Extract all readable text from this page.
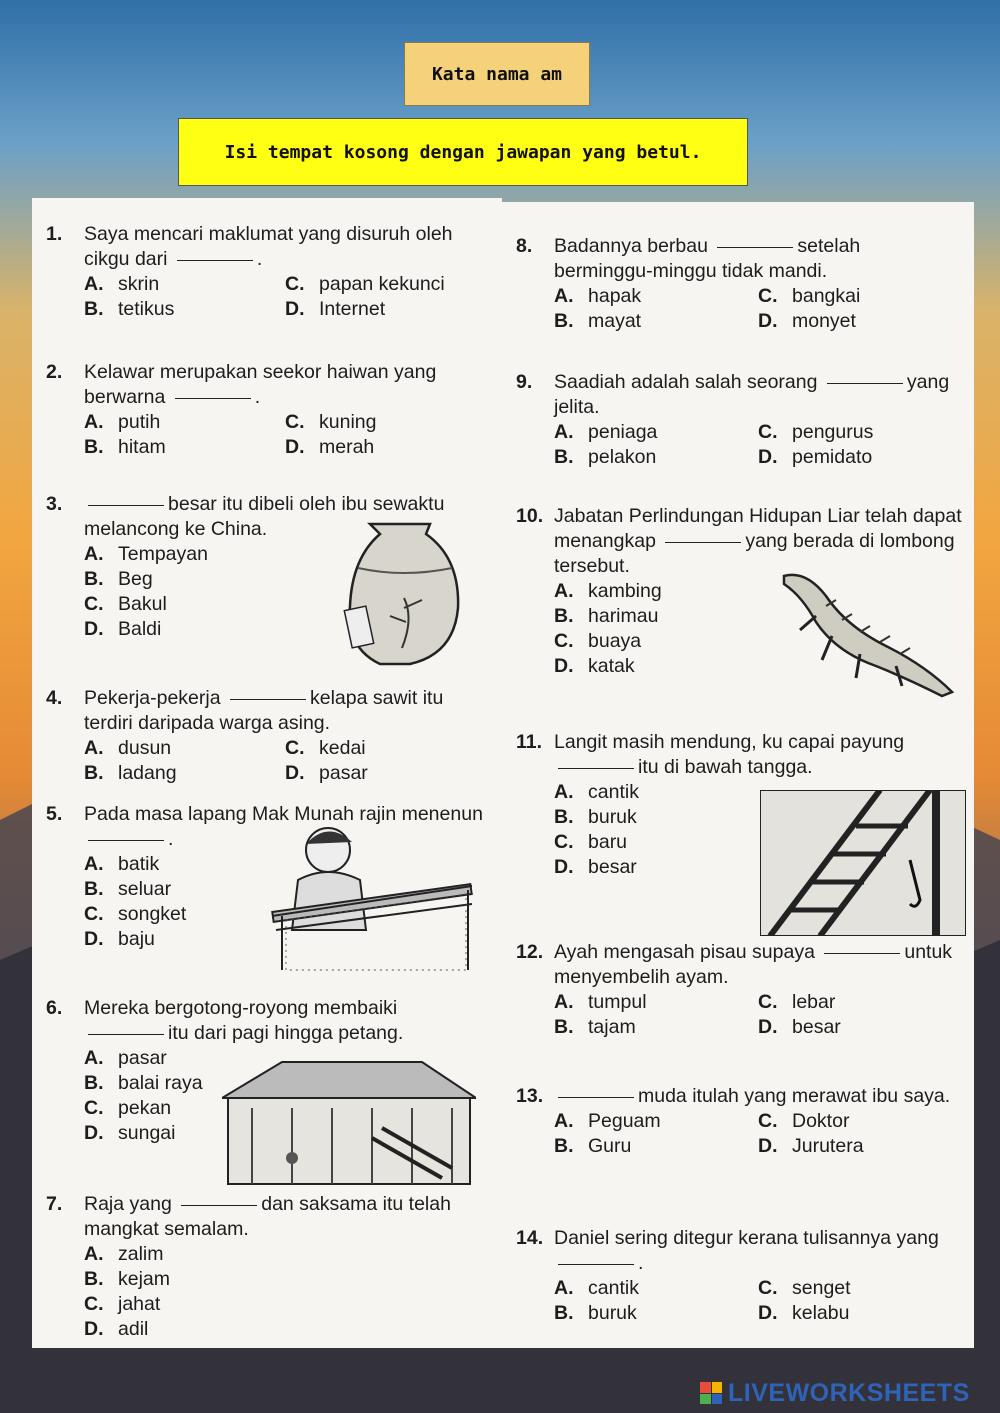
Kata nama am
Isi tempat kosong dengan jawapan yang betul.
1. Saya mencari maklumat yang disuruh oleh cikgu dari	.
A. skrin	C. papan kekunci
B. tetikus	D. Internet
2. Kelawar merupakan seekor haiwan yang berwarna	.
A. putih	C. kuning
B. hitam	D. merah
3.	besar itu dibeli oleh ibu sewaktu melancong ke China.
A. Tempayan
B. Beg
C. Bakul
D. Baldi
4. Pekerja-pekerja	kelapa sawit itu terdiri daripada warga asing.
A. dusun	C. kedai
B. ladang	D. pasar
5. Pada masa lapang Mak Munah rajin menenun .
A. batik
B. seluar
C. songket
D. baju
6. Mereka bergotong-royong membaiki itu dari pagi hingga petang.
A. pasar
B. balai raya
C. pekan
D. sungai
7. Raja yang	dan saksama itu telah mangkat semalam.
A. zalim
B. kejam
C. jahat
D. adil
8. Badannya berbau	setelah berminggu-minggu tidak mandi.
A. hapak	C. bangkai
B. mayat	D. monyet
9. Saadiah adalah salah seorang	yang jelita.
A. peniaga	C. pengurus
B. pelakon	D. pemidato
10. Jabatan Perlindungan Hidupan Liar telah dapat menangkap	yang berada di lombong tersebut.
A. kambing
B. harimau
C. buaya
D. katak
11. Langit masih mendung, ku capai payung itu di bawah tangga.
A. cantik
B. buruk
C. baru
D. besar
12. Ayah mengasah pisau supaya	untuk menyembelih ayam.
A. tumpul	C. lebar
B. tajam	D. besar
13.	muda itulah yang merawat ibu saya.
A. Peguam	C. Doktor
B. Guru	D. Jurutera
14. Daniel sering ditegur kerana tulisannya yang .
A. cantik	C. senget
B. buruk	D. kelabu
LIVEWORKSHEETS
